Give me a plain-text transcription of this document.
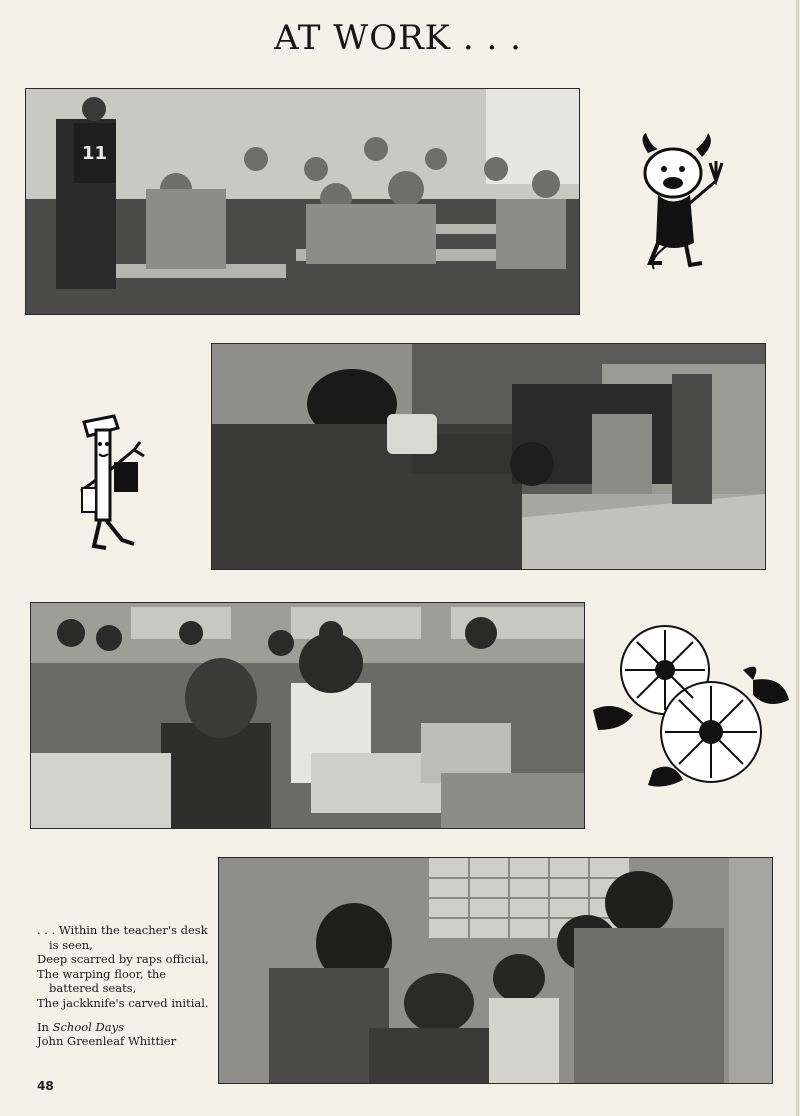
AT WORK . . .
11
. . . Within the teacher's desk
is seen,
Deep scarred by raps official,
The warping floor, the
battered seats,
The jackknife's carved initial.
In School Days
John Greenleaf Whittier
48
